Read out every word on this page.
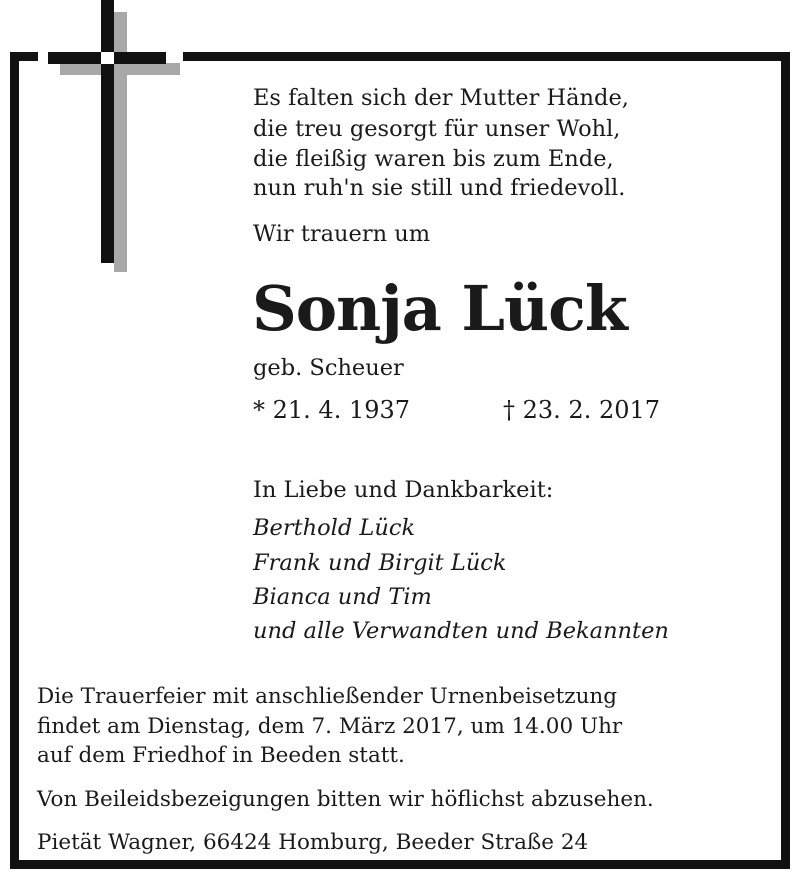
Es falten sich der Mutter Hände,
die treu gesorgt für unser Wohl,
die fleißig waren bis zum Ende,
nun ruh'n sie still und friedevoll.
Wir trauern um
Sonja Lück
geb. Scheuer
* 21. 4. 1937	† 23. 2. 2017
In Liebe und Dankbarkeit:
Berthold Lück
Frank und Birgit Lück
Bianca und Tim
und alle Verwandten und Bekannten
Die Trauerfeier mit anschließender Urnenbeisetzung
findet am Dienstag, dem 7. März 2017, um 14.00 Uhr
auf dem Friedhof in Beeden statt.
Von Beileidsbezeigungen bitten wir höflichst abzusehen.
Pietät Wagner, 66424 Homburg, Beeder Straße 24
